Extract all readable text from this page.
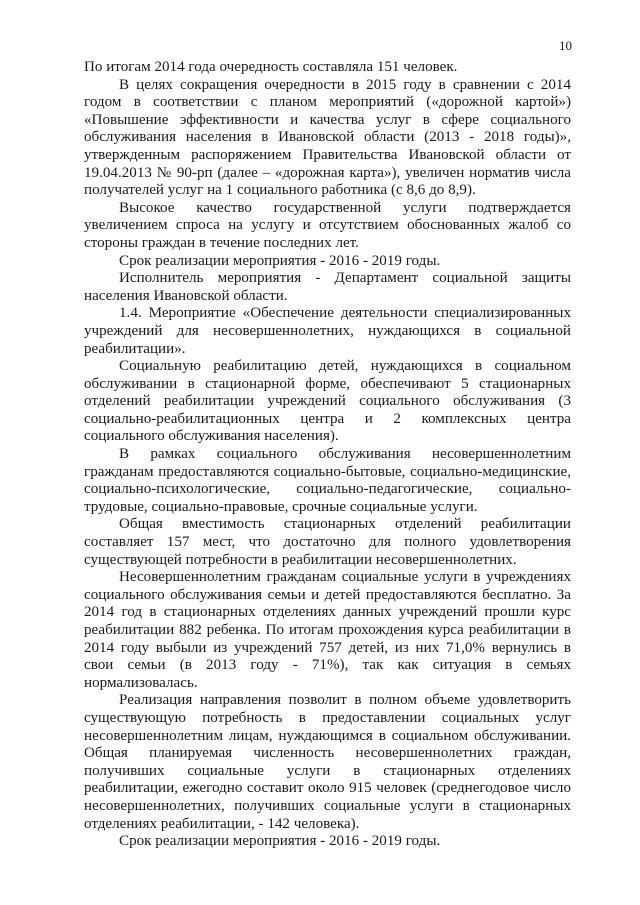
10

По итогам 2014 года очередность составляла 151 человек.

В целях сокращения очередности в 2015 году в сравнении с 2014 годом в соответствии с планом мероприятий («дорожной картой») «Повышение эффективности и качества услуг в сфере социального обслуживания населения в Ивановской области (2013 - 2018 годы)», утвержденным распоряжением Правительства Ивановской области от 19.04.2013 № 90-рп (далее – «дорожная карта»), увеличен норматив числа получателей услуг на 1 социального работника (с 8,6 до 8,9).

Высокое качество государственной услуги подтверждается увеличением спроса на услугу и отсутствием обоснованных жалоб со стороны граждан в течение последних лет.

Срок реализации мероприятия - 2016 - 2019 годы.

Исполнитель мероприятия - Департамент социальной защиты населения Ивановской области.

1.4. Мероприятие «Обеспечение деятельности специализированных учреждений для несовершеннолетних, нуждающихся в социальной реабилитации».

Социальную реабилитацию детей, нуждающихся в социальном обслуживании в стационарной форме, обеспечивают 5 стационарных отделений реабилитации учреждений социального обслуживания (3 социально-реабилитационных центра и 2 комплексных центра социального обслуживания населения).

В рамках социального обслуживания несовершеннолетним гражданам предоставляются социально-бытовые, социально-медицинские, социально-психологические, социально-педагогические, социально-трудовые, социально-правовые, срочные социальные услуги.

Общая вместимость стационарных отделений реабилитации составляет 157 мест, что достаточно для полного удовлетворения существующей потребности в реабилитации несовершеннолетних.

Несовершеннолетним гражданам социальные услуги в учреждениях социального обслуживания семьи и детей предоставляются бесплатно. За 2014 год в стационарных отделениях данных учреждений прошли курс реабилитации 882 ребенка. По итогам прохождения курса реабилитации в 2014 году выбыли из учреждений 757 детей, из них 71,0% вернулись в свои семьи (в 2013 году - 71%), так как ситуация в семьях нормализовалась.

Реализация направления позволит в полном объеме удовлетворить существующую потребность в предоставлении социальных услуг несовершеннолетним лицам, нуждающимся в социальном обслуживании. Общая планируемая численность несовершеннолетних граждан, получивших социальные услуги в стационарных отделениях реабилитации, ежегодно составит около 915 человек (среднегодовое число несовершеннолетних, получивших социальные услуги в стационарных отделениях реабилитации, - 142 человека).

Срок реализации мероприятия - 2016 - 2019 годы.
